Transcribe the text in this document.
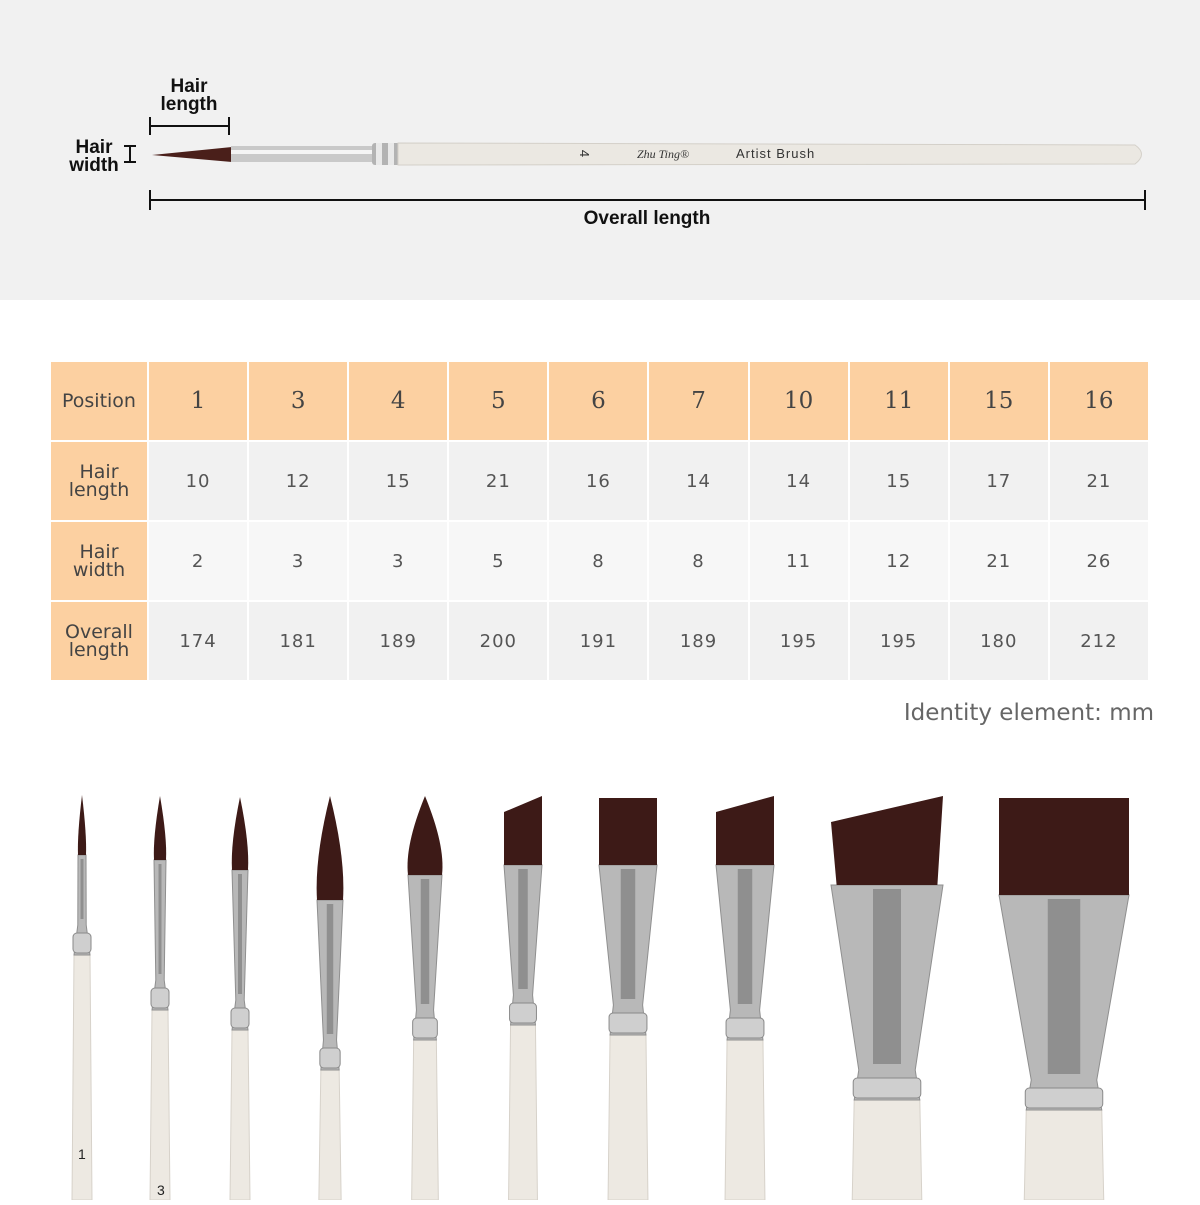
Hair length
Hair width
Overall length
4	Zhu Ting®	Artist Brush
Position	1	3	4	5	6	7	10	11	15	16
Hair
length	10	12	15	21	16	14	14	15	17	21
Hair
width	2	3	3	5	8	8	11	12	21	26
Overall
length	174	181	189	200	191	189	195	195	180	212
Identity element: mm
1
3
